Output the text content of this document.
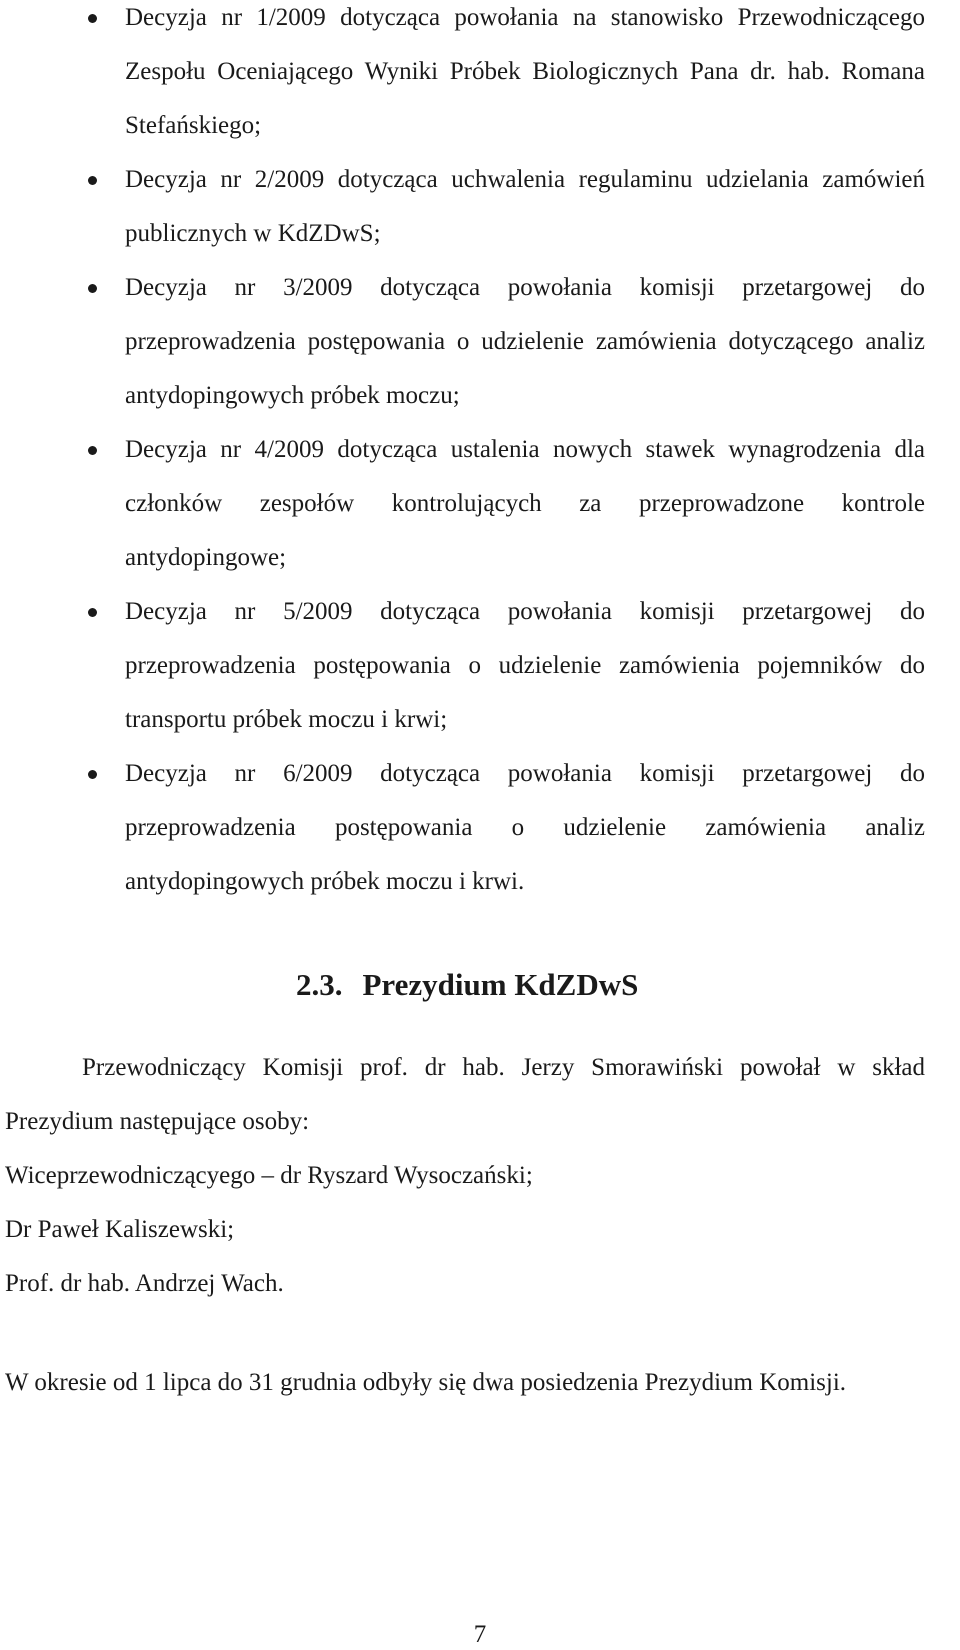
Decyzja nr 1/2009 dotycząca powołania na stanowisko Przewodniczącego Zespołu Oceniającego Wyniki Próbek Biologicznych Pana dr. hab. Romana Stefańskiego;
Decyzja nr 2/2009 dotycząca uchwalenia regulaminu udzielania zamówień publicznych w KdZDwS;
Decyzja nr 3/2009 dotycząca powołania komisji przetargowej do przeprowadzenia postępowania o udzielenie zamówienia dotyczącego analiz antydopingowych próbek moczu;
Decyzja nr 4/2009 dotycząca ustalenia nowych stawek wynagrodzenia dla członków zespołów kontrolujących za przeprowadzone kontrole antydopingowe;
Decyzja nr 5/2009 dotycząca powołania komisji przetargowej do przeprowadzenia postępowania o udzielenie zamówienia pojemników do transportu próbek moczu i krwi;
Decyzja nr 6/2009 dotycząca powołania komisji przetargowej do przeprowadzenia postępowania o udzielenie zamówienia analiz antydopingowych próbek moczu i krwi.
2.3. Prezydium KdZDwS

Przewodniczący Komisji prof. dr hab. Jerzy Smorawiński powołał w skład Prezydium następujące osoby:

Wiceprzewodniczącyego – dr Ryszard Wysoczański;
Dr Paweł Kaliszewski;
Prof. dr hab. Andrzej Wach.

W okresie od 1 lipca do 31 grudnia odbyły się dwa posiedzenia Prezydium Komisji.

7
